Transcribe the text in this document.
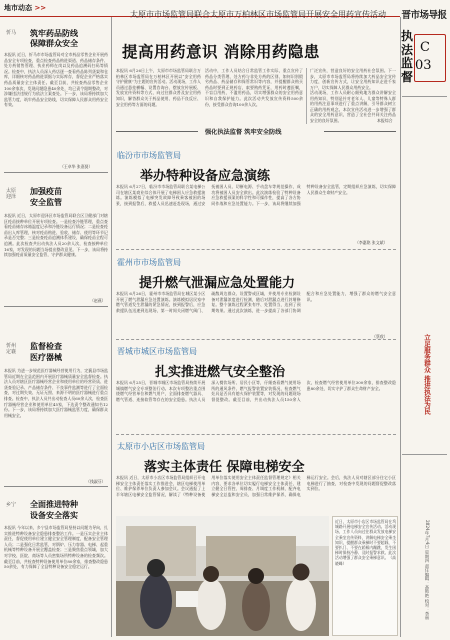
地市动态 >>
晋市场导报
执法监督
C
03
立足服务群众 推进执法为民
2024年7月4日 星期四 责任编辑：高艳艳 校对：李丽
忻马 筑牢药品防线
保障群众安全
本报讯 近日，忻马市市场监管局对全市药品零售企业开展药品安全专项检查，重点检查药品购进渠道、药品储存条件、处方药销售管理、执业药师在岗以及药品追溯码扫码等情况。检查中，执法人员深入药店逐一查看药品陈列货架和仓库，详细核对药品购进票据与实际库存，督促企业严格落实药品质量安全主体责任。截至目前，共检查药品零售企业100余家次，发现问题隐患40余处，均已责令限期整改，对涉嫌违法违规行为依法立案查处。下一步，该局将持续加大监管力度，筑牢药品安全防线，切实保障人民群众用药安全有效。
（王卓华 张嘉贤）
太原
迎泽
加强疫苗
安全监管
本报讯 近日，太原市迎泽区市场监管局联合区卫健部门对辖区疫苗接种单位开展专项检查。一是检查冷链管理，重点查看疫苗储存冰箱温度记录和冷链设备运行情况；二是检查疫苗出入库管理，核对疫苗购进、验收、储存、使用等环节记录是否完整；三是检查疫苗追溯体系建设，确保疫苗全程可追溯。此次检查共出动执法人员20余人次，检查接种单位16家，对发现的问题当场提出整改意见。下一步，该局将持续加强疫苗质量安全监管，守护群众健康。
（赵燕）
忻州
定襄
监督检查
医疗器械
本报讯 为进一步规范医疗器械经营使用行为，定襄县市场监管局近期在全县范围内开展医疗器械质量安全监督检查。执法人员对辖区医疗器械经营企业和使用单位的经营资质、进货查验记录、产品储存条件、不良事件监测等进行了全面检查，对过期失效、无证无照、来源不明的医疗器械进行重点排查。检查中，执法人员共出动检查人员60余人次，检查医疗器械经营企业和使用单位45家，下达责令整改通知书12份。下一步，该局将持续加大医疗器械监管力度，确保群众用械安全。
（钱淑芬）
乡宁 全面推进特种
设备安全落实
本报讯 今年以来，乡宁县市场监管局坚持以问题为导向，扎实推进特种设备安全隐患排查整治工作。一是压实企业主体责任，督促使用单位建立健全安全管理制度，配备安全管理人员；二是强化日常监管，对锅炉、压力容器、电梯、起重机械等特种设备开展全覆盖检查；三是聚焦重点领域，加大对学校、医院、商场等人员密集场所特种设备的检查频次。截至目前，共检查特种设备使用单位80余家，排查整改隐患50余处，有力保障了全县特种设备安全稳定运行。
太原市市场监管局联合太原市万柏林区市场监管局开展安全用药宣传活动
提高用药意识 消除用药隐患
本报讯 6月26日上午，太原市市场监管局联合万柏林区市场监管局在万柏林区开展以“安全用药 守护健康”为主题的宣传活动。活动现场，工作人员通过悬挂横幅、设置咨询台、摆放宣传展板、发放宣传资料等方式，向过往群众普及安全用药知识，解答群众关于药品使用、药品不良反应、安全用药等方面的问题。
活动中，工作人员结合日常监管工作实际，重点宣传了药品分类管理、处方药与非处方药的区别、如何识别假劣药品、药品储存和保管常识等内容，并提醒群众购买药品时要到正规药店，索要购药凭证，用药时遵医嘱，不盲目用药，不滥用药品，切实增强群众的安全用药意识和自我保护能力。此次活动共发放宣传资料500余份，接受群众咨询100余人次。
广泛宣传，营造良好的安全用药社会氛围。下一步，太原市市场监管局将持续加大药品安全宣传力度，创新宣传方式，让安全用药知识走进千家万户，切实保障人民群众用药安全。
活动现场，工作人员耐心细致地为群众讲解安全用药知识，特别是针对老年人、儿童等特殊人群的用药注意事项进行了重点讲解，引导群众树立正确的用药观念。本次宣传活动进一步增强了群众的安全用药意识，营造了全社会共同关注药品安全的良好氛围。	本报综合
强化执法监督 筑牢安全防线
临汾市市场监管局
举办特种设备应急演练
本报讯 6月27日，临汾市市场监管局联合某电梯公司在辖区某商业综合体开展了电梯困人应急救援演练。演练模拟了电梯突发故障导致乘客被困的场景，接到报警后，救援人员迅速赶赴现场，通过安抚被困人员、切断电源、手动盘车等规范操作，成功将被困人员安全救出。此次演练检验了特种设备应急救援预案的科学性和可操作性，提高了各方协同作战和应急处置能力。下一步，该局将继续加强特种设备安全监管，定期组织应急演练，切实保障人民群众生命财产安全。
（李惠铭 张文斌）
霍州市市场监管局
提升燃气泄漏应急处置能力
本报讯 6月26日，霍州市市场监管局在城区某小区开展了燃气泄漏应急处置演练。演练模拟居民家中燃气管道发生泄漏的紧急情况，接到报警后，应急救援队伍迅速到达现场，第一时间关闭燃气阀门、疏散周边群众、设置警戒区域，并使用专业检测设备对泄漏浓度进行检测，随后对泄漏点进行封堵修复。整个演练过程紧张有序、处置得当，达到了预期效果。通过此次演练，进一步提高了各部门协调配合和应急处置能力，增强了群众的燃气安全意识。
（蔡欣）
晋城市城区市场监管局
扎实推进燃气安全整治
本报讯 6月25日，晋城市城区市场监管局持续开展城镇燃气安全专项整治行动。本次专项整治重点围绕燃气经营单位和燃气用户，全面排查燃气器具、燃气管道、连接软管等存在的安全隐患。执法人员深入餐饮场所、居民小区等，仔细查看燃气使用场所的通风条件、燃气报警装置安装情况，检查燃气灶具是否具有熄火保护装置等，对发现的问题现场督促整改。截至目前，共出动执法人员150余人次，检查燃气经营使用单位300余家，排查整改隐患80余处，切实守护了群众生命财产安全。
太原市小店区市场监管局
落实主体责任 保障电梯安全
本报讯 近日，太原市小店区市场监管局组织召开电梯安全主体责任落实工作推进会，辖区电梯使用单位、维护保养单位负责人参加会议。会议通报了上半年辖区电梯安全监管情况，解读了《特种设备使用单位落实使用安全主体责任监督管理规定》相关内容，要求各单位切实履行电梯安全主体责任，建立健全日管控、周排查、月调度工作机制，配齐电梯安全总监和安全员，加强日常维护保养，确保电梯运行安全。会后，执法人员对辖区部分住宅小区电梯进行了抽查，对检查中发现的问题督促整改落实到位。
近日，太原市小店区市场监管局在坞城路开展电梯安全宣传活动。活动现场，工作人员向过往群众发放电梯安全乘坐宣传资料，讲解电梯安全乘坐知识，提醒群众乘梯时不要超载、不要扒门、不要在轿厢内蹦跳，发生困梯时保持冷静、及时报警求救。此次活动增强了群众安全乘梯意识。（高晓峰）
